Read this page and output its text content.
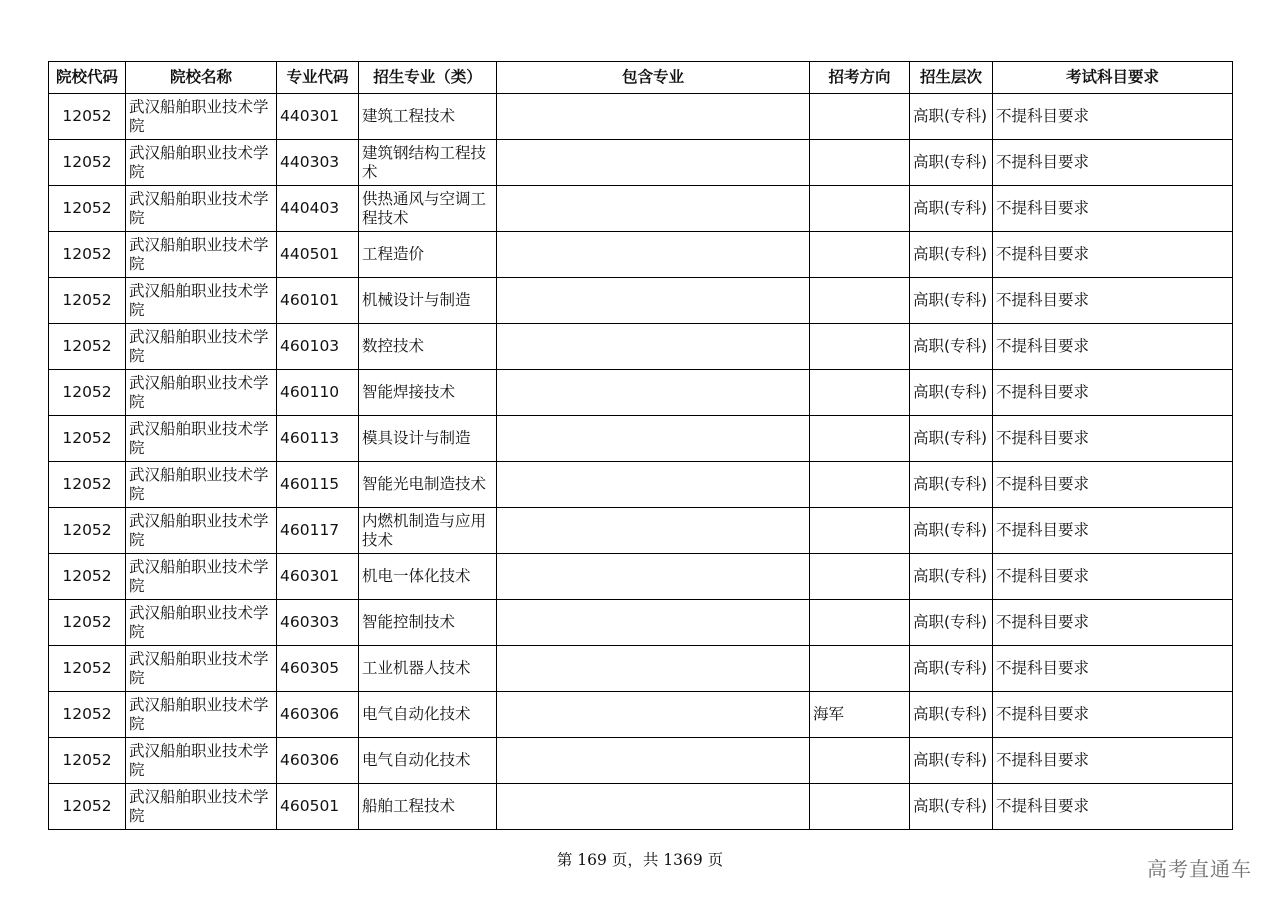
院校代码	院校名称	专业代码	招生专业（类）	包含专业	招考方向	招生层次	考试科目要求
12052	武汉船舶职业技术学院	440301	建筑工程技术			高职(专科)	不提科目要求
12052	武汉船舶职业技术学院	440303	建筑钢结构工程技术			高职(专科)	不提科目要求
12052	武汉船舶职业技术学院	440403	供热通风与空调工程技术			高职(专科)	不提科目要求
12052	武汉船舶职业技术学院	440501	工程造价			高职(专科)	不提科目要求
12052	武汉船舶职业技术学院	460101	机械设计与制造			高职(专科)	不提科目要求
12052	武汉船舶职业技术学院	460103	数控技术			高职(专科)	不提科目要求
12052	武汉船舶职业技术学院	460110	智能焊接技术			高职(专科)	不提科目要求
12052	武汉船舶职业技术学院	460113	模具设计与制造			高职(专科)	不提科目要求
12052	武汉船舶职业技术学院	460115	智能光电制造技术			高职(专科)	不提科目要求
12052	武汉船舶职业技术学院	460117	内燃机制造与应用技术			高职(专科)	不提科目要求
12052	武汉船舶职业技术学院	460301	机电一体化技术			高职(专科)	不提科目要求
12052	武汉船舶职业技术学院	460303	智能控制技术			高职(专科)	不提科目要求
12052	武汉船舶职业技术学院	460305	工业机器人技术			高职(专科)	不提科目要求
12052	武汉船舶职业技术学院	460306	电气自动化技术		海军	高职(专科)	不提科目要求
12052	武汉船舶职业技术学院	460306	电气自动化技术			高职(专科)	不提科目要求
12052	武汉船舶职业技术学院	460501	船舶工程技术			高职(专科)	不提科目要求
第 169 页，共 1369 页	高考直通车
